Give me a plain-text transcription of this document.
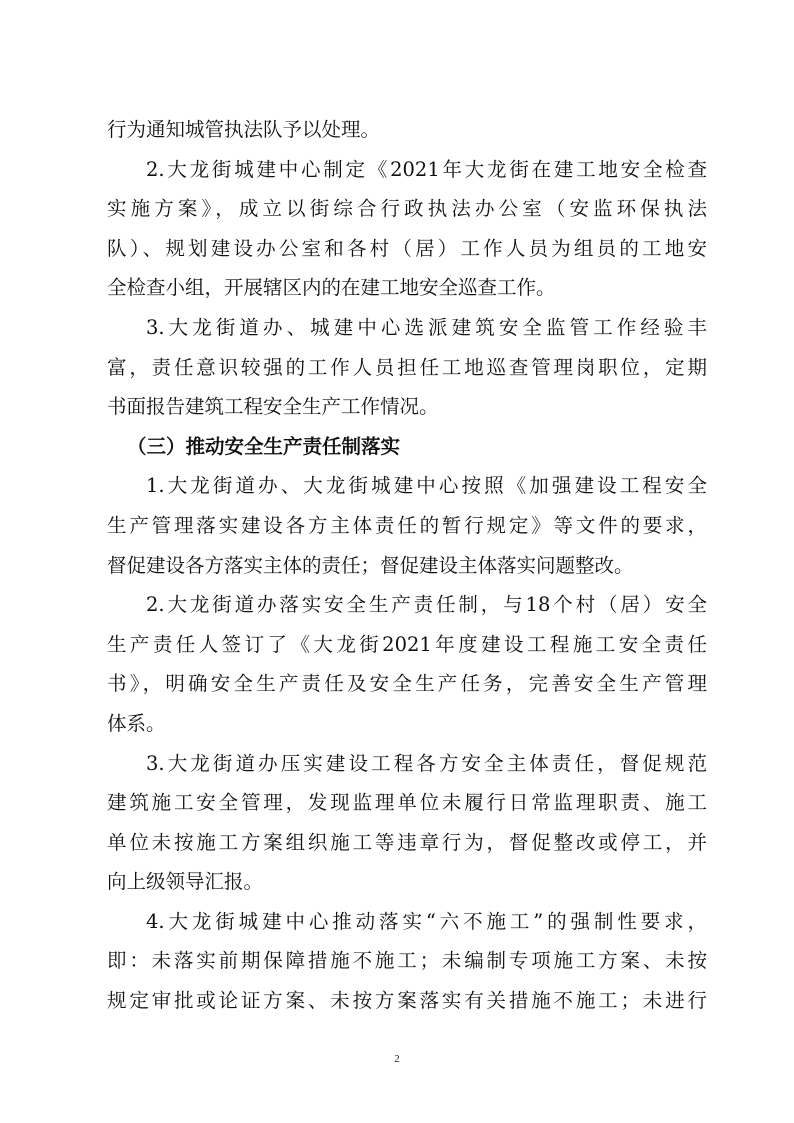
行为通知城管执法队予以处理。
2.大龙街城建中心制定《2021年大龙街在建工地安全检查
实施方案》，成立以街综合行政执法办公室（安监环保执法
队）、规划建设办公室和各村（居）工作人员为组员的工地安
全检查小组，开展辖区内的在建工地安全巡查工作。
3.大龙街道办、城建中心选派建筑安全监管工作经验丰
富，责任意识较强的工作人员担任工地巡查管理岗职位，定期
书面报告建筑工程安全生产工作情况。
（三）推动安全生产责任制落实
1.大龙街道办、大龙街城建中心按照《加强建设工程安全
生产管理落实建设各方主体责任的暂行规定》等文件的要求，
督促建设各方落实主体的责任；督促建设主体落实问题整改。
2.大龙街道办落实安全生产责任制，与18个村（居）安全
生产责任人签订了《大龙街2021年度建设工程施工安全责任
书》，明确安全生产责任及安全生产任务，完善安全生产管理
体系。
3.大龙街道办压实建设工程各方安全主体责任，督促规范
建筑施工安全管理，发现监理单位未履行日常监理职责、施工
单位未按施工方案组织施工等违章行为，督促整改或停工，并
向上级领导汇报。
4.大龙街城建中心推动落实“六不施工”的强制性要求，
即：未落实前期保障措施不施工；未编制专项施工方案、未按
规定审批或论证方案、未按方案落实有关措施不施工；未进行
2
